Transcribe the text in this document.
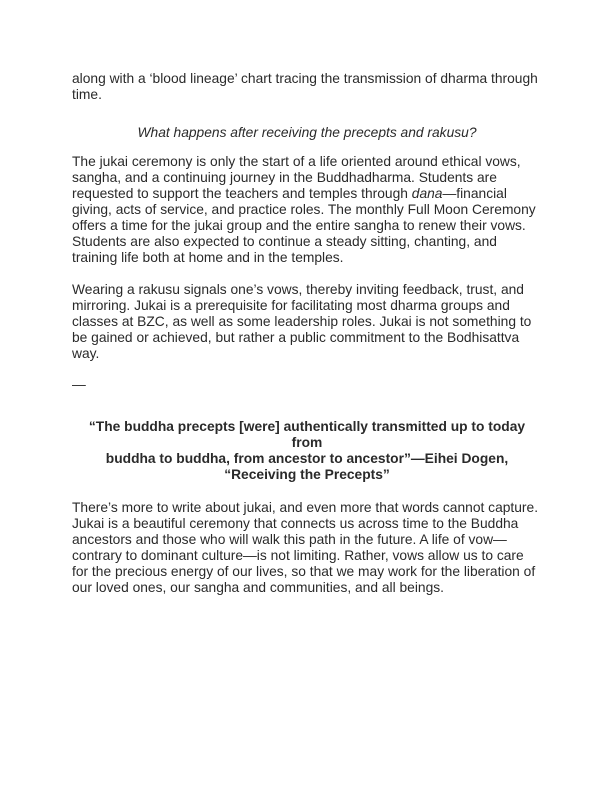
along with a ‘blood lineage’ chart tracing the transmission of dharma through time.

What happens after receiving the precepts and rakusu?

The jukai ceremony is only the start of a life oriented around ethical vows, sangha, and a continuing journey in the Buddhadharma. Students are requested to support the teachers and temples through dana—financial giving, acts of service, and practice roles. The monthly Full Moon Ceremony offers a time for the jukai group and the entire sangha to renew their vows. Students are also expected to continue a steady sitting, chanting, and training life both at home and in the temples.

Wearing a rakusu signals one’s vows, thereby inviting feedback, trust, and mirroring. Jukai is a prerequisite for facilitating most dharma groups and classes at BZC, as well as some leadership roles. Jukai is not something to be gained or achieved, but rather a public commitment to the Bodhisattva way.

—

“The buddha precepts [were] authentically transmitted up to today from
buddha to buddha, from ancestor to ancestor”—Eihei Dogen,
“Receiving the Precepts”

There’s more to write about jukai, and even more that words cannot capture. Jukai is a beautiful ceremony that connects us across time to the Buddha ancestors and those who will walk this path in the future. A life of vow—contrary to dominant culture—is not limiting. Rather, vows allow us to care for the precious energy of our lives, so that we may work for the liberation of our loved ones, our sangha and communities, and all beings.
